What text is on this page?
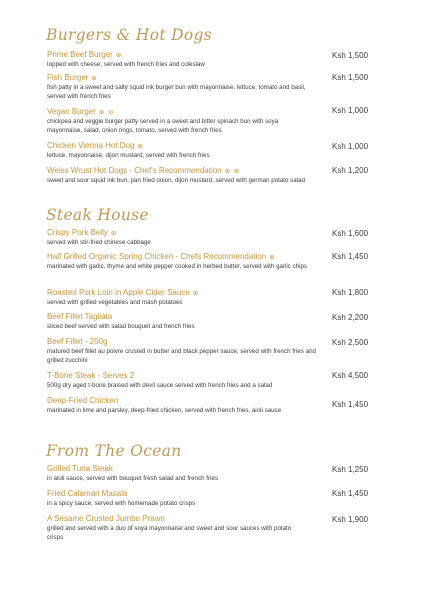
Burgers & Hot Dogs
Prime Beef Burger ⊕
topped with cheese, served with french fries and coleslaw
Ksh 1,500
Fish Burger ⊕
fish patty in a sweet and salty squid ink burger bun with mayonnaise, lettuce, tomato and basil, served with french fries
Ksh 1,500
Vegan Burger ⊕ ⊖
chickpea and veggie burger patty served in a sweet and bitter spinach bun with soya mayonnaise, salad, onion rings, tomato, served with french fries
Ksh 1,000
Chicken Vienna Hot Dog ⊕
lettuce, mayonnaise, dijon mustard, served with french fries
Ksh 1,000
Weiss Wrust Hot Dogs - Chef's Recommendation ⊕ ⊕
sweet and sour squid ink bun, pan fried onion, dijon mustard, served with german potato salad
Ksh 1,200
Steak House
Crispy Pork Belly ⊕
served with stir-fried chinese cabbage
Ksh 1,600
Half Grilled Organic Spring Chicken - Chefs Recommendation ⊕
marinated with garlic, thyme and white pepper cooked in herbed butter, served with garlic chips
Ksh 1,450
Roasted Pork Loin in Apple Cider Sauce ⊕
served with grilled vegetables and mash potatoes
Ksh 1,800
Beef Fillet Tagliata
sliced beef served with salad bouquet and french fries
Ksh 2,200
Beef Fillet - 250g
matured beef fillet au poivre crusted in butter and black pepper sauce, served with french fries and grilled zucchini
Ksh 2,500
T-Bone Steak - Serves 2
500g dry aged t-bone braised with devil sauce served with french fries and a salad
Ksh 4,500
Deep-Fried Chicken
marinated in lime and parsley, deep-fried chicken, served with french fries, aioli sauce
Ksh 1,450
From The Ocean
Grilled Tuna Steak
in aioli sauce, served with bouquet fresh salad and french fries
Ksh 1,250
Fried Calamari Masala
in a spicy sauce, served with homemade potato crisps
Ksh 1,450
A Sesame Crusted Jumbo Prawn
grilled and served with a duo of soya mayonnaise and sweet and sour sauces with potato crisps
Ksh 1,900
